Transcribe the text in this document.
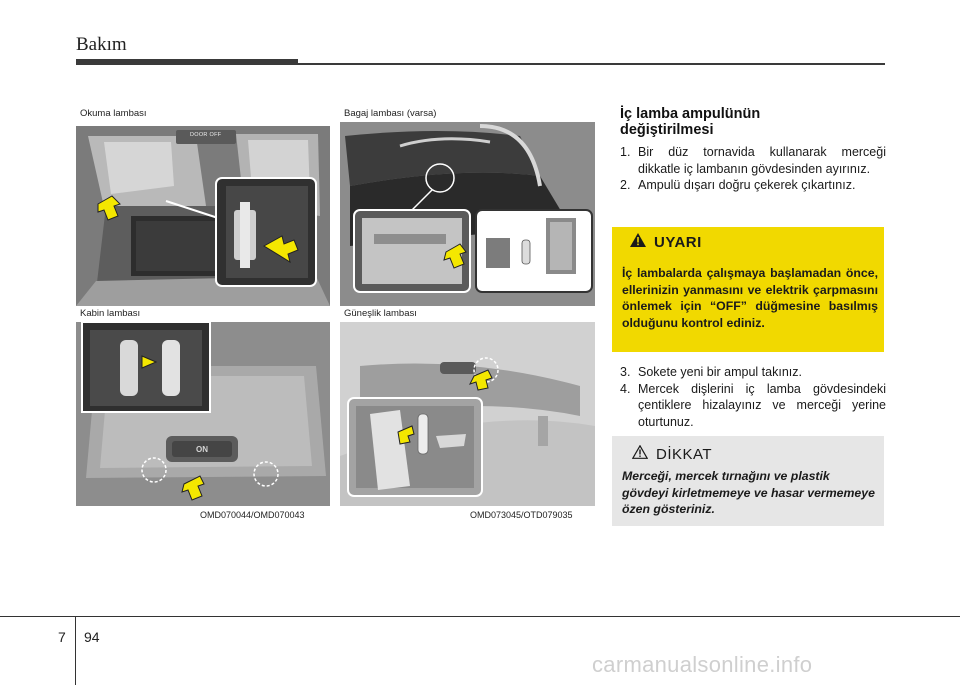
Bakım
Okuma lambası
DOOR OFF
Bagaj lambası (varsa)
Kabin lambası
ON
Güneşlik lambası
OMD070044/OMD070043	OMD073045/OTD079035
İç lamba ampulünün
değiştirilmesi
1. Bir düz tornavida kullanarak merceği dikkatle iç lambanın gövdesinden ayırınız.
2. Ampulü dışarı doğru çekerek çıkartınız.
UYARI
İç lambalarda çalışmaya başlamadan önce, ellerinizin yanmasını ve elektrik çarpmasını önlemek için “OFF” düğmesine basılmış olduğunu kontrol ediniz.
3. Sokete yeni bir ampul takınız.
4. Mercek dişlerini iç lamba gövdesindeki çentiklere hizalayınız ve merceği yerine oturtunuz.
DİKKAT
Merceği, mercek tırnağını ve plastik gövdeyi kirletmemeye ve hasar vermemeye özen gösteriniz.
7 94
carmanualsonline.info
